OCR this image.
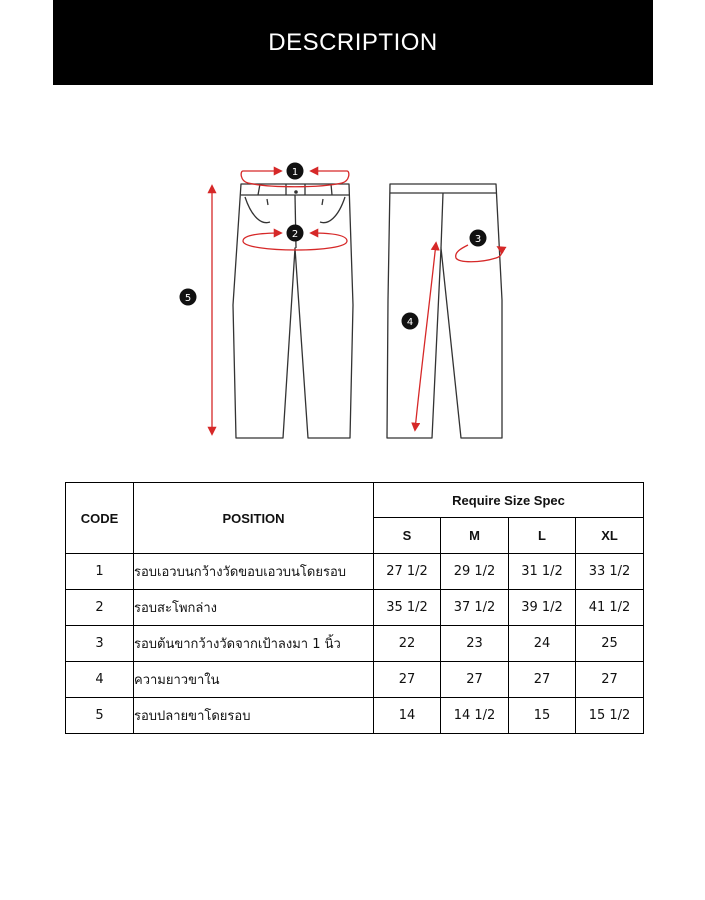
DESCRIPTION
1
2	3
4
5
CODE	POSITION	Require Size Spec			
		S	M	L	XL
1	รอบเอวบนกว้างวัดขอบเอวบนโดยรอบ	27 1/2	29 1/2	31 1/2	33 1/2
2	รอบสะโพกล่าง	35 1/2	37 1/2	39 1/2	41 1/2
3	รอบต้นขากว้างวัดจากเป้าลงมา 1 นิ้ว	22	23	24	25
4	ความยาวขาใน	27	27	27	27
5	รอบปลายขาโดยรอบ	14	14 1/2	15	15 1/2
